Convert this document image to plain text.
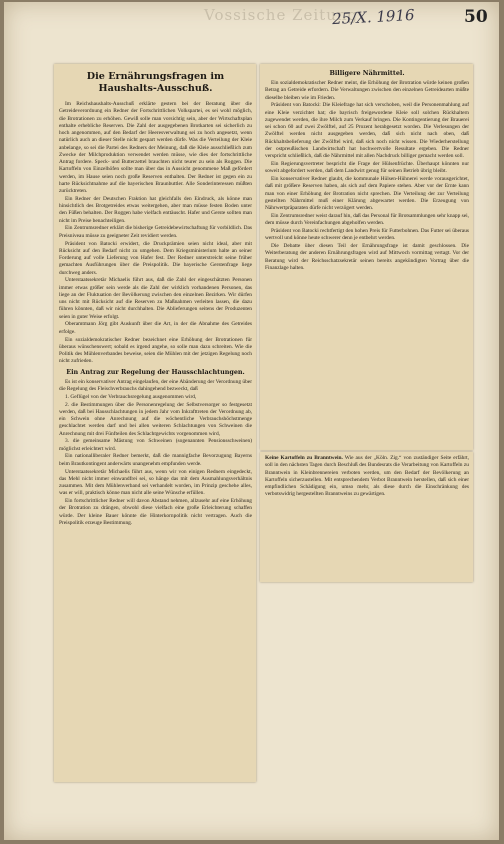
Vossische Zeitung
25/X. 1916	50
Die Ernährungsfragen im Haushalts-Ausschuß.

Im Reichshaushalts-Ausschuß erklärte gestern bei der Beratung über die Getreideverordnung ein Redner der Fortschrittlichen Volkspartei, es sei wohl möglich, die Brotrationen zu erhöhen. Gewiß solle man vorsichtig sein, aber der Wirtschaftsplan enthalte erhebliche Reserven. Die Zahl der ausgegebenen Brotkarten sei sicherlich zu hoch angenommen, auf den Bedarf der Heeresverwaltung sei zu hoch angesetzt, wenn natürlich auch an dieser Stelle nicht gespart werden dürfe. Was die Verteilung der Kleie anbelange, so sei die Partei des Redners der Meinung, daß die Kleie ausschließlich zum Zwecke der Milchproduktion verwendet werden müsse, wie dies der fortschrittliche Antrag fordere. Speck- und Butterzettel brauchten nicht teurer zu sein als Roggen. Die Kartoffeln von Einzelhöfen sollte man über das in Aussicht genommene Maß gefördert werden, im Hause seien noch große Reserven enthalten. Der Redner ist gegen ein zu harte Rücksichtnahme auf die bayerischen Braunbuttler. Alle Sonderinteressen müßten zurücktreten.

Ein Redner der Deutschen Fraktion hat gleichfalls den Eindruck, als könne man hinsichtlich des Brotgetreides etwas weitergehen, aber man müsse festen Boden unter den Füßen behalten. Der Roggen habe vielfach enttäuscht. Hafer und Gerste sollten man nicht im Preise benachteiligen.

Ein Zentrumsredner erklärt die bisherige Getreidebewirtschaftung für vorbildlich. Das Preisniveau müsse zu geeigneter Zeit revidiert werden.

Präsident von Batocki erwidert, die Druckprämien seien nicht ideal, aber mit Rücksicht auf den Bedarf nicht zu umgehen. Dem Kriegsministerium halte an seiner Forderung auf volle Lieferung von Hafer fest. Der Redner unterstreicht seine früher gemachten Ausführungen über die Preispolitik. Die bayerische Gerstenfrage liege durchweg anders.

Unterstaatssekretär Michaelis führt aus, daß die Zahl der eingeschätzten Personen immer etwas größer sein werde als die Zahl der wirklich vorhandenen Personen, das liege an der Fluktuation der Bevölkerung zwischen den einzelnen Bezirken. Wir dürfen uns nicht mit Rücksicht auf die Reserven zu Maßnahmen verleiten lassen, die dazu führen könnten, daß wir nicht durchhalten. Die Ablieferungen seitens der Produzenten seien in guter Weise erfolgt.

Oberamtmann Jörg gibt Auskunft über die Art, in der die Abnahme des Getreides erfolge.

Ein sozialdemokratischer Redner bezeichnet eine Erhöhung der Brotrationen für überaus wünschenswert; sobald es irgend angehe, so solle man dazu schreiten. Wie die Politik des Mühlenverbandes beweise, seien die Mühlen mit der jetzigen Regelung noch nicht zufrieden.

Ein Antrag zur Regelung der Hausschlachtungen.

Es ist ein konservativer Antrag eingelaufen, der eine Abänderung der Verordnung über die Regelung des Fleischverbrauchs dahingehend bezweckt, daß

1. Geflügel von der Verbrauchsregelung ausgenommen wird,

2. die Bestimmungen über die Personenregelung der Selbstversorger so festgesetzt werden, daß bei Hausschlachtungen in jedem Jahr vom Inkrafttreten der Verordnung ab, ein Schwein ohne Anrechnung auf die wöchentliche Verbrauchshöchstmenge geschlachtet werden darf und bei allen weiteren Schlachtungen von Schweinen die Anrechnung mit drei Fünfteilen des Schlachtgewichts vorgenommen wird,

3. die gemeinsame Mästung von Schweinen (sogenannten Pensionsschweinen) möglichst erleichtert wird.

Ein nationalliberaler Redner bemerkt, daß die mannigfache Bevorzugung Bayerns beim Brautkontingent anderwärts unangenehm empfunden werde.

Unterstaatssekretär Michaelis führt aus, wenn wir von einigen Rednern eingedeckt, das Mehl nicht immer einwandfrei sei, so hänge das mit dem Ausmahlungsverhältnis zusammen. Mit dem Mühlenverband sei verhandelt worden, im Prinzip geschehe alles, was er will, praktisch könne man nicht alle seine Wünsche erfüllen.

Ein fortschrittlicher Redner will davon Abstand nehmen, allzusehr auf eine Erhöhung der Brotration zu drängen, obwohl diese vielfach eine große Erleichterung schaffen würde. Der kleine Bauer könnte die Hinterkornpolitik nicht vertragen. Auch die Preispolitik erzeuge Bestimmung.

Billigere Nährmittel.

Ein sozialdemokratischer Redner meint, die Erhöhung der Brotration würde keinen großen Betrag an Getreide erfordern. Die Verwaltungen zwischen den einzelnen Getreidearten müßte dieselbe bleiben wie im Frieden.

Präsident von Batocki: Die Kleiefrage hat sich verschoben, weil die Personenmahlung auf eine Kleie verzichtet hat; die bayrisch freigewordene Kleie soll solchen Rückhaltern zugewendet werden, die ihre Milch zum Verkauf bringen. Die Kontingentierung der Brauerei sei schon 60 auf zwei Zwölftel, auf 25 Prozent herabgesetzt worden. Die Verlesungen der Zwölftel werden nicht ausgegeben werden, daß sich nicht nach oben, daß Rückhaltsbelieferung der Zwölftel wird, daß sich noch nicht wissen. Die Wiederherstellung der ostpreußischen Landwirtschaft hat hochwertvolle Resultate ergeben. Die Redner verspricht schließlich, daß die Nährmittel mit allen Nachdruck billiger gemacht werden soll.

Ein Regierungsvertreter bespricht die Frage der Hülsenfrüchte. Überhaupt könnten nur soweit abgefordert werden, daß dem Landwirt genug für seinen Betrieb übrig bleibt.

Ein konservativer Redner glaubt, die kommunale Hülsen-Hühnerei werde vorausgerichtet, daß mit größere Reserven haben, als sich auf dem Papiere stehen. Aber vor der Ernte kann man von einer Erhöhung der Brotration nicht sprechen. Die Verteilung der zur Verteilung gestellten Nährmittel muß einer Klärung abgewartet werden. Die Erzeugung von Nährwertpräparaten dürfe nicht verzögert werden.

Ein Zentrumsredner weist darauf hin, daß das Personal für Brotsammlungen sehr knapp sei, dem müsse durch Vereinfachungen abgeholfen werden.

Präsident von Batocki rechtfertigt den hohen Preis für Futterbohnen. Das Futter sei überaus wertvoll und könne heute schwerer denn je entbehrt werden.

Die Debatte über diesen Teil der Ernährungsfrage ist damit geschlossen. Die Weiterberatung der anderen Ernährungsfragen wird auf Mittwoch vormittag vertagt. Vor der Beratung wird der Reichsschatzsekretär seinen bereits angekündigten Vortrag über die Finanzlage halten.

Keine Kartoffeln zu Branntwein. Wie aus der „Köln. Zig.“ von zuständiger Seite erfährt, soll in den nächsten Tagen durch Beschluß des Bundesrats die Verarbeitung von Kartoffeln zu Branntwein in Kleinbrennereien verboten werden, um den Bedarf der Bevölkerung an Kartoffeln sicherzustellen. Mit entsprechendem Verbot Branntwein herstellen, daß sich einer empfindlichen Schädigung ein, umso mehr, als diese durch die Einschränkung des verbotswidrig hergestellten Branntweins zu gewärtigen.
